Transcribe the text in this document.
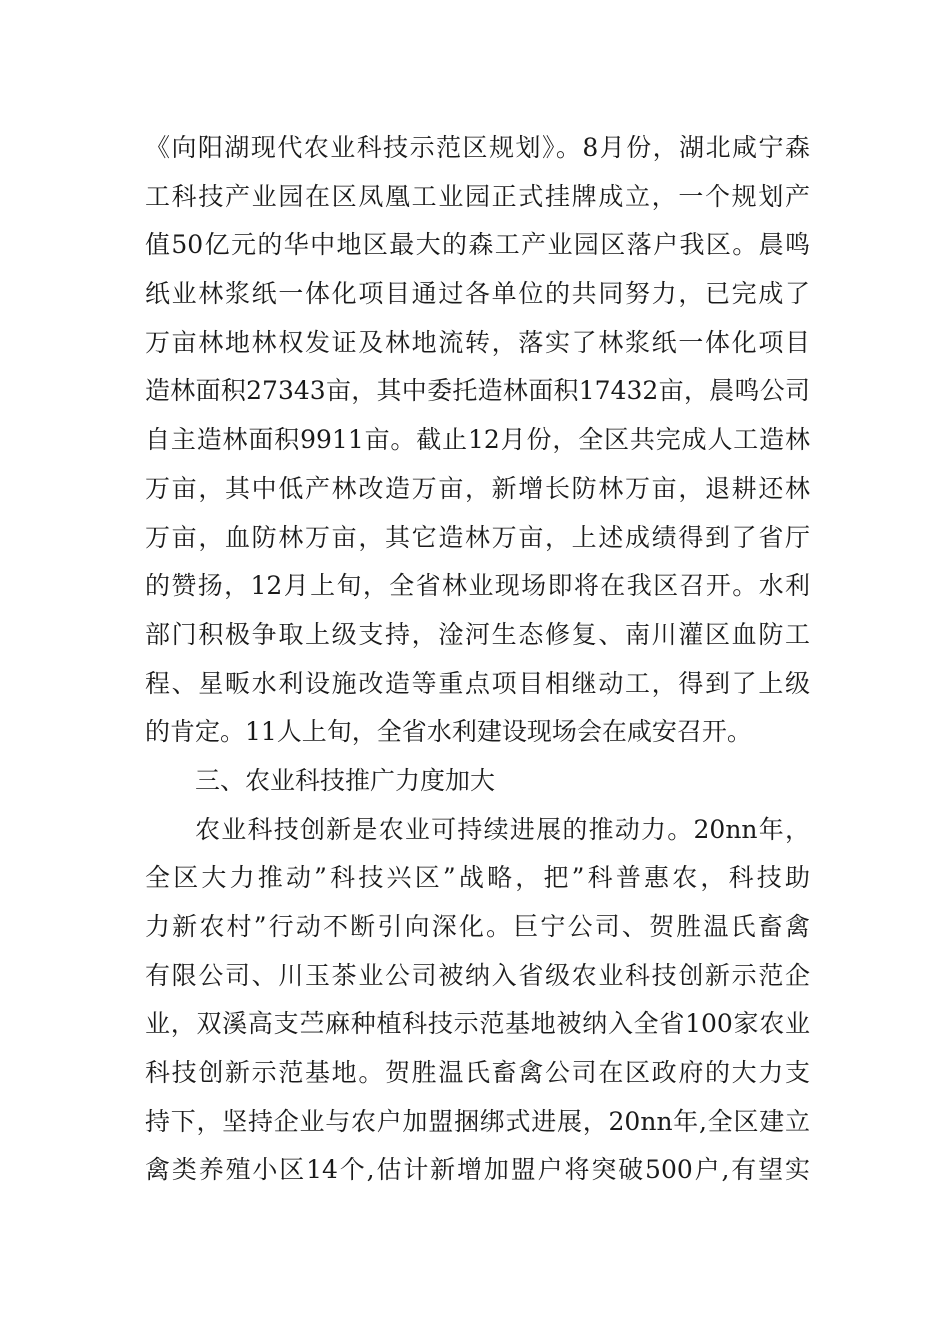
《向阳湖现代农业科技示范区规划》。8月份，湖北咸宁森
工科技产业园在区凤凰工业园正式挂牌成立，一个规划产
值50亿元的华中地区最大的森工产业园区落户我区。晨鸣
纸业林浆纸一体化项目通过各单位的共同努力，已完成了
万亩林地林权发证及林地流转，落实了林浆纸一体化项目
造林面积27343亩，其中委托造林面积17432亩，晨鸣公司
自主造林面积9911亩。截止12月份，全区共完成人工造林
万亩，其中低产林改造万亩，新增长防林万亩，退耕还林
万亩，血防林万亩，其它造林万亩，上述成绩得到了省厅
的赞扬，12月上旬，全省林业现场即将在我区召开。水利
部门积极争取上级支持，淦河生态修复、南川灌区血防工
程、星畈水利设施改造等重点项目相继动工，得到了上级
的肯定。11人上旬，全省水利建设现场会在咸安召开。
三、农业科技推广力度加大
农业科技创新是农业可持续进展的推动力。20nn年，
全区大力推动”科技兴区”战略，把”科普惠农，科技助
力新农村”行动不断引向深化。巨宁公司、贺胜温氏畜禽
有限公司、川玉茶业公司被纳入省级农业科技创新示范企
业，双溪高支苎麻种植科技示范基地被纳入全省100家农业
科技创新示范基地。贺胜温氏畜禽公司在区政府的大力支
持下，坚持企业与农户加盟捆绑式进展，20nn年,全区建立
禽类养殖小区14个,估计新增加盟户将突破500户,有望实
